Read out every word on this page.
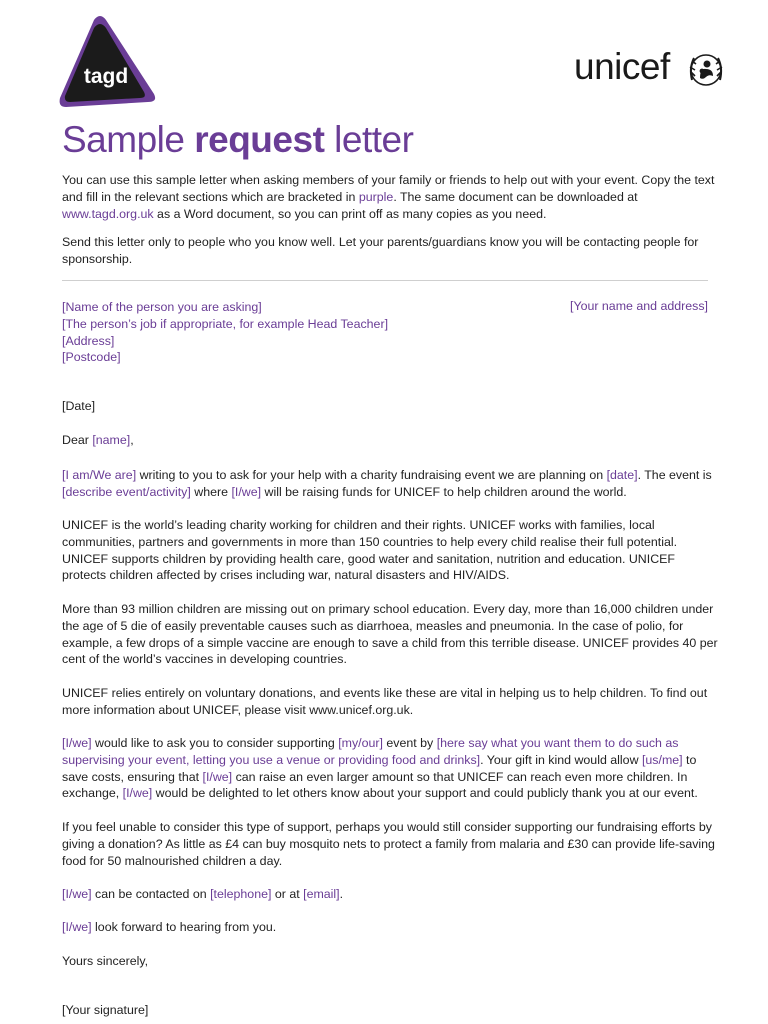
tagd	unicef
Sample request letter

You can use this sample letter when asking members of your family or friends to help out with your event. Copy the text and fill in the relevant sections which are bracketed in purple. The same document can be downloaded at www.tagd.org.uk as a Word document, so you can print off as many copies as you need.

Send this letter only to people who you know well. Let your parents/guardians know you will be contacting people for sponsorship.

[Name of the person you are asking]
[The person’s job if appropriate, for example Head Teacher]
[Address]
[Postcode]
[Your name and address]
[Date]
Dear [name],

[I am/We are] writing to you to ask for your help with a charity fundraising event we are planning on [date]. The event is [describe event/activity] where [I/we] will be raising funds for UNICEF to help children around the world.

UNICEF is the world’s leading charity working for children and their rights. UNICEF works with families, local communities, partners and governments in more than 150 countries to help every child realise their full potential. UNICEF supports children by providing health care, good water and sanitation, nutrition and education. UNICEF protects children affected by crises including war, natural disasters and HIV/AIDS.

More than 93 million children are missing out on primary school education. Every day, more than 16,000 children under the age of 5 die of easily preventable causes such as diarrhoea, measles and pneumonia. In the case of polio, for example, a few drops of a simple vaccine are enough to save a child from this terrible disease. UNICEF provides 40 per cent of the world’s vaccines in developing countries.

UNICEF relies entirely on voluntary donations, and events like these are vital in helping us to help children. To find out more information about UNICEF, please visit www.unicef.org.uk.

[I/we] would like to ask you to consider supporting [my/our] event by [here say what you want them to do such as supervising your event, letting you use a venue or providing food and drinks]. Your gift in kind would allow [us/me] to save costs, ensuring that [I/we] can raise an even larger amount so that UNICEF can reach even more children. In exchange, [I/we] would be delighted to let others know about your support and could publicly thank you at our event.

If you feel unable to consider this type of support, perhaps you would still consider supporting our fundraising efforts by giving a donation? As little as £4 can buy mosquito nets to protect a family from malaria and £30 can provide life-saving food for 50 malnourished children a day.

[I/we] can be contacted on [telephone] or at [email].

[I/we] look forward to hearing from you.

Yours sincerely,
[Your signature]
